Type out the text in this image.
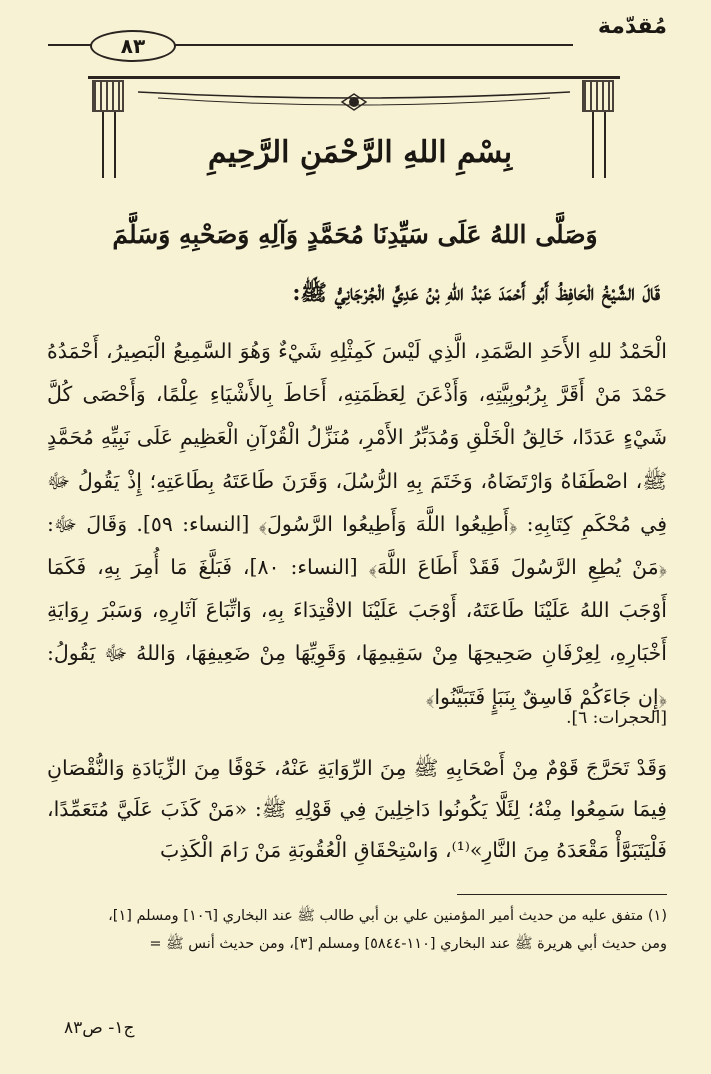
٨٣
مُقدّمة
بِسْمِ اللهِ الرَّحْمَنِ الرَّحِيمِ
وَصَلَّى اللهُ عَلَى سَيِّدِنَا مُحَمَّدٍ وَآلِهِ وَصَحْبِهِ وَسَلَّمَ
قَالَ الشَّيْخُ الْحَافِظُ أَبُو أَحْمَدَ عَبْدُ اللهِ بْنُ عَدِيٍّ الْجُرْجَانِيُّ ﷺ:
الْحَمْدُ للهِ الأَحَدِ الصَّمَدِ، الَّذِي لَيْسَ كَمِثْلِهِ شَيْءٌ وَهُوَ السَّمِيعُ الْبَصِيرُ، أَحْمَدُهُ حَمْدَ مَنْ أَقَرَّ بِرُبُوبِيَّتِهِ، وَأَذْعَنَ لِعَظَمَتِهِ، أَحَاطَ بِالأَشْيَاءِ عِلْمًا، وَأَحْصَى كُلَّ شَيْءٍ عَدَدًا، خَالِقُ الْخَلْقِ وَمُدَبِّرُ الأَمْرِ، مُنَزِّلُ الْقُرْآنِ الْعَظِيمِ عَلَى نَبِيِّهِ مُحَمَّدٍ ﷺ، اصْطَفَاهُ وَارْتَضَاهُ، وَخَتَمَ بِهِ الرُّسُلَ، وَقَرَنَ طَاعَتَهُ بِطَاعَتِهِ؛ إِذْ يَقُولُ ﷻ فِي مُحْكَمِ كِتَابِهِ: ﴿أَطِيعُوا اللَّهَ وَأَطِيعُوا الرَّسُولَ﴾ [النساء: ٥٩]. وَقَالَ ﷻ: ﴿مَنْ يُطِعِ الرَّسُولَ فَقَدْ أَطَاعَ اللَّهَ﴾ [النساء: ٨٠]، فَبَلَّغَ مَا أُمِرَ بِهِ، فَكَمَا أَوْجَبَ اللهُ عَلَيْنَا طَاعَتَهُ، أَوْجَبَ عَلَيْنَا الاقْتِدَاءَ بِهِ، وَاتِّبَاعَ آثَارِهِ، وَسَبْرَ رِوَايَةِ أَخْبَارِهِ، لِعِرْفَانِ صَحِيحِهَا مِنْ سَقِيمِهَا، وَقَوِيِّهَا مِنْ ضَعِيفِهَا، وَاللهُ ﷻ يَقُولُ: ﴿إِن جَاءَكُمْ فَاسِقٌ بِنَبَإٍ فَتَبَيَّنُوا﴾
[الحجرات: ٦].
وَقَدْ تَحَرَّجَ قَوْمٌ مِنْ أَصْحَابِهِ ﷺ مِنَ الرِّوَايَةِ عَنْهُ، خَوْفًا مِنَ الزِّيَادَةِ وَالنُّقْصَانِ فِيمَا سَمِعُوا مِنْهُ؛ لِئَلَّا يَكُونُوا دَاخِلِينَ فِي قَوْلِهِ ﷺ: «مَنْ كَذَبَ عَلَيَّ مُتَعَمِّدًا، فَلْيَتَبَوَّأْ مَقْعَدَهُ مِنَ النَّارِ»⁽¹⁾، وَاسْتِحْقَاقِ الْعُقُوبَةِ مَنْ رَامَ الْكَذِبَ

(١) متفق عليه من حديث أمير المؤمنين علي بن أبي طالب ﷺ عند البخاري [١٠٦] ومسلم [١]،

ومن حديث أبي هريرة ﷺ عند البخاري [١١٠-٥٨٤٤] ومسلم [٣]، ومن حديث أنس ﷺ =

ج١- ص٨٣
